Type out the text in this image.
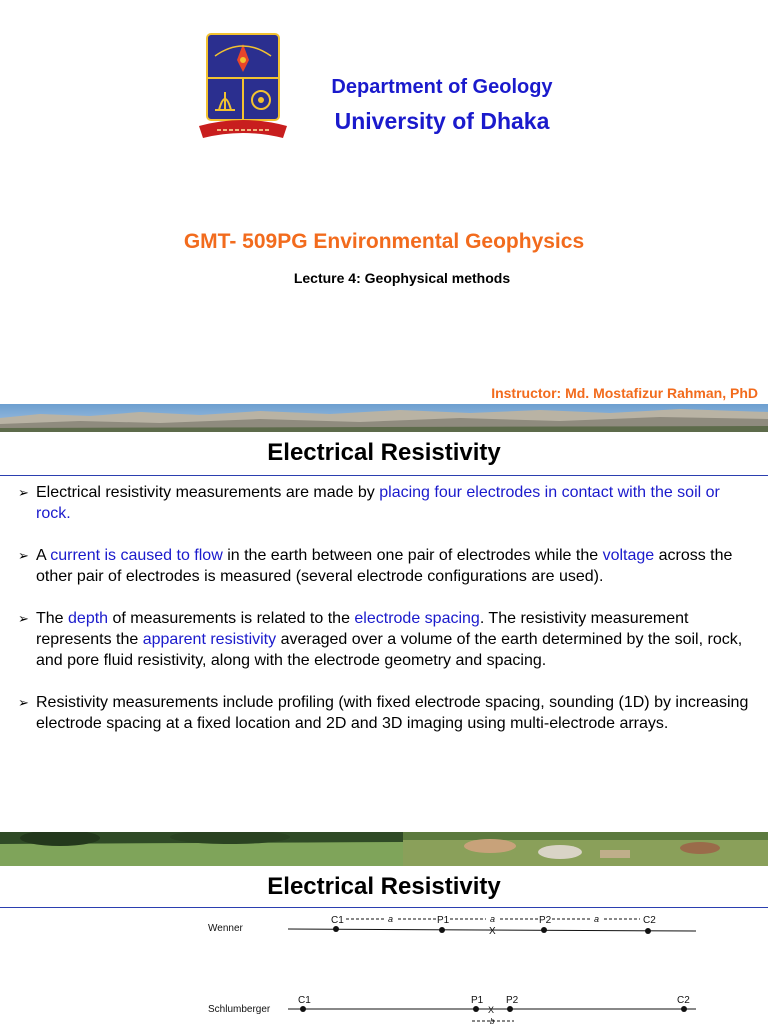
Department of Geology
University of Dhaka
GMT- 509PG Environmental Geophysics
Lecture 4: Geophysical methods
Instructor: Md. Mostafizur Rahman, PhD
Electrical Resistivity
➢ Electrical resistivity measurements are made by placing four electrodes in contact with the soil or rock.
➢ A current is caused to flow in the earth between one pair of electrodes while the voltage across the other pair of electrodes is measured (several electrode configurations are used).
➢ The depth of measurements is related to the electrode spacing. The resistivity measurement represents the apparent resistivity averaged over a volume of the earth determined by the soil, rock, and pore fluid resistivity, along with the electrode geometry and spacing.
➢ Resistivity measurements include profiling (with fixed electrode spacing, sounding (1D) by increasing electrode spacing at a fixed location and 2D and 3D imaging using multi-electrode arrays.
Electrical Resistivity
Wenner
C1	P1	P2	C2
a	a	a
X
Schlumberger
C1	P1 P2	C2
X
b
